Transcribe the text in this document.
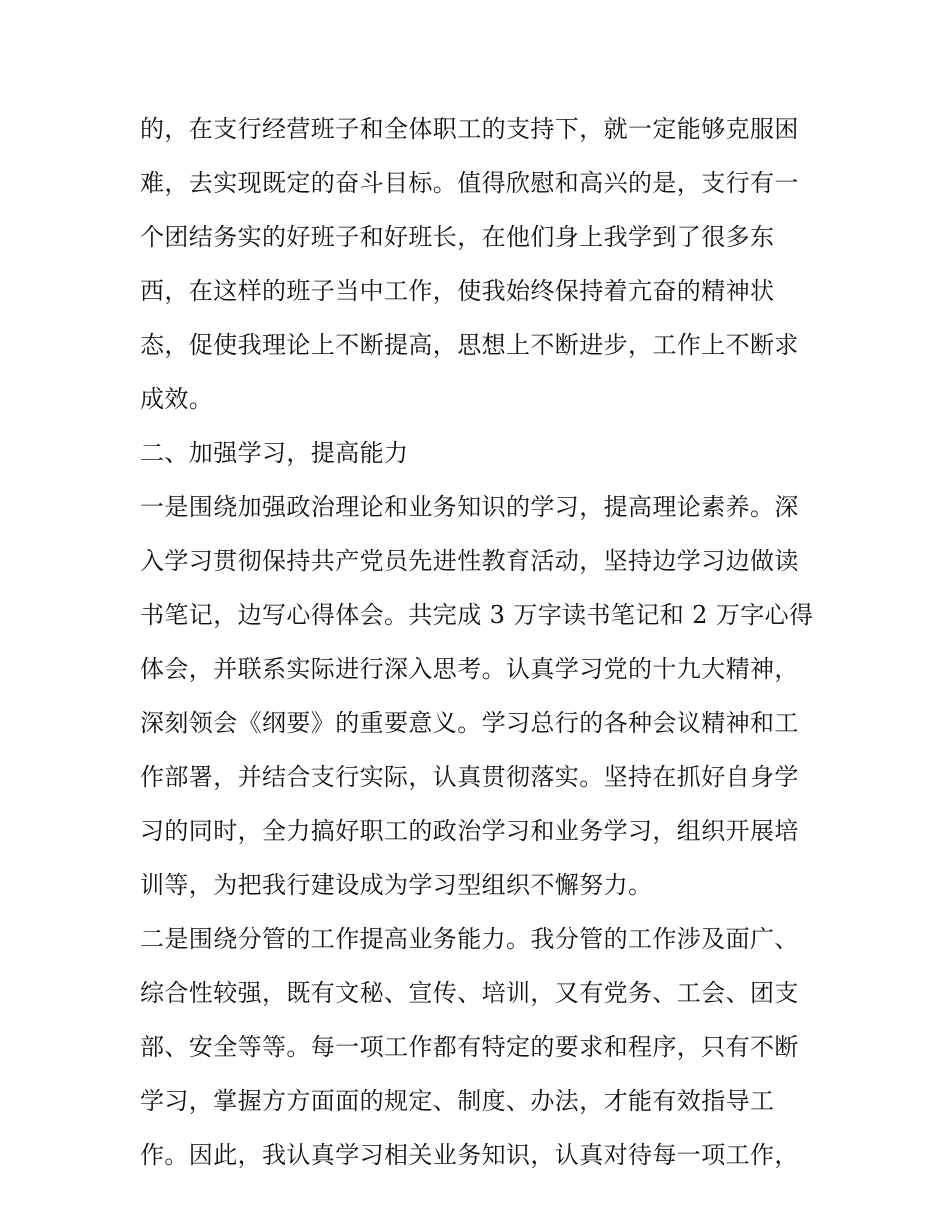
的，在支行经营班子和全体职工的支持下，就一定能够克服困
难，去实现既定的奋斗目标。值得欣慰和高兴的是，支行有一
个团结务实的好班子和好班长，在他们身上我学到了很多东
西，在这样的班子当中工作，使我始终保持着亢奋的精神状
态，促使我理论上不断提高，思想上不断进步，工作上不断求
成效。
二、加强学习，提高能力
一是围绕加强政治理论和业务知识的学习，提高理论素养。深
入学习贯彻保持共产党员先进性教育活动，坚持边学习边做读
书笔记，边写心得体会。共完成 3 万字读书笔记和 2 万字心得
体会，并联系实际进行深入思考。认真学习党的十九大精神，
深刻领会《纲要》的重要意义。学习总行的各种会议精神和工
作部署，并结合支行实际，认真贯彻落实。坚持在抓好自身学
习的同时，全力搞好职工的政治学习和业务学习，组织开展培
训等，为把我行建设成为学习型组织不懈努力。
二是围绕分管的工作提高业务能力。我分管的工作涉及面广、
综合性较强，既有文秘、宣传、培训，又有党务、工会、团支
部、安全等等。每一项工作都有特定的要求和程序，只有不断
学习，掌握方方面面的规定、制度、办法，才能有效指导工
作。因此，我认真学习相关业务知识，认真对待每一项工作，
